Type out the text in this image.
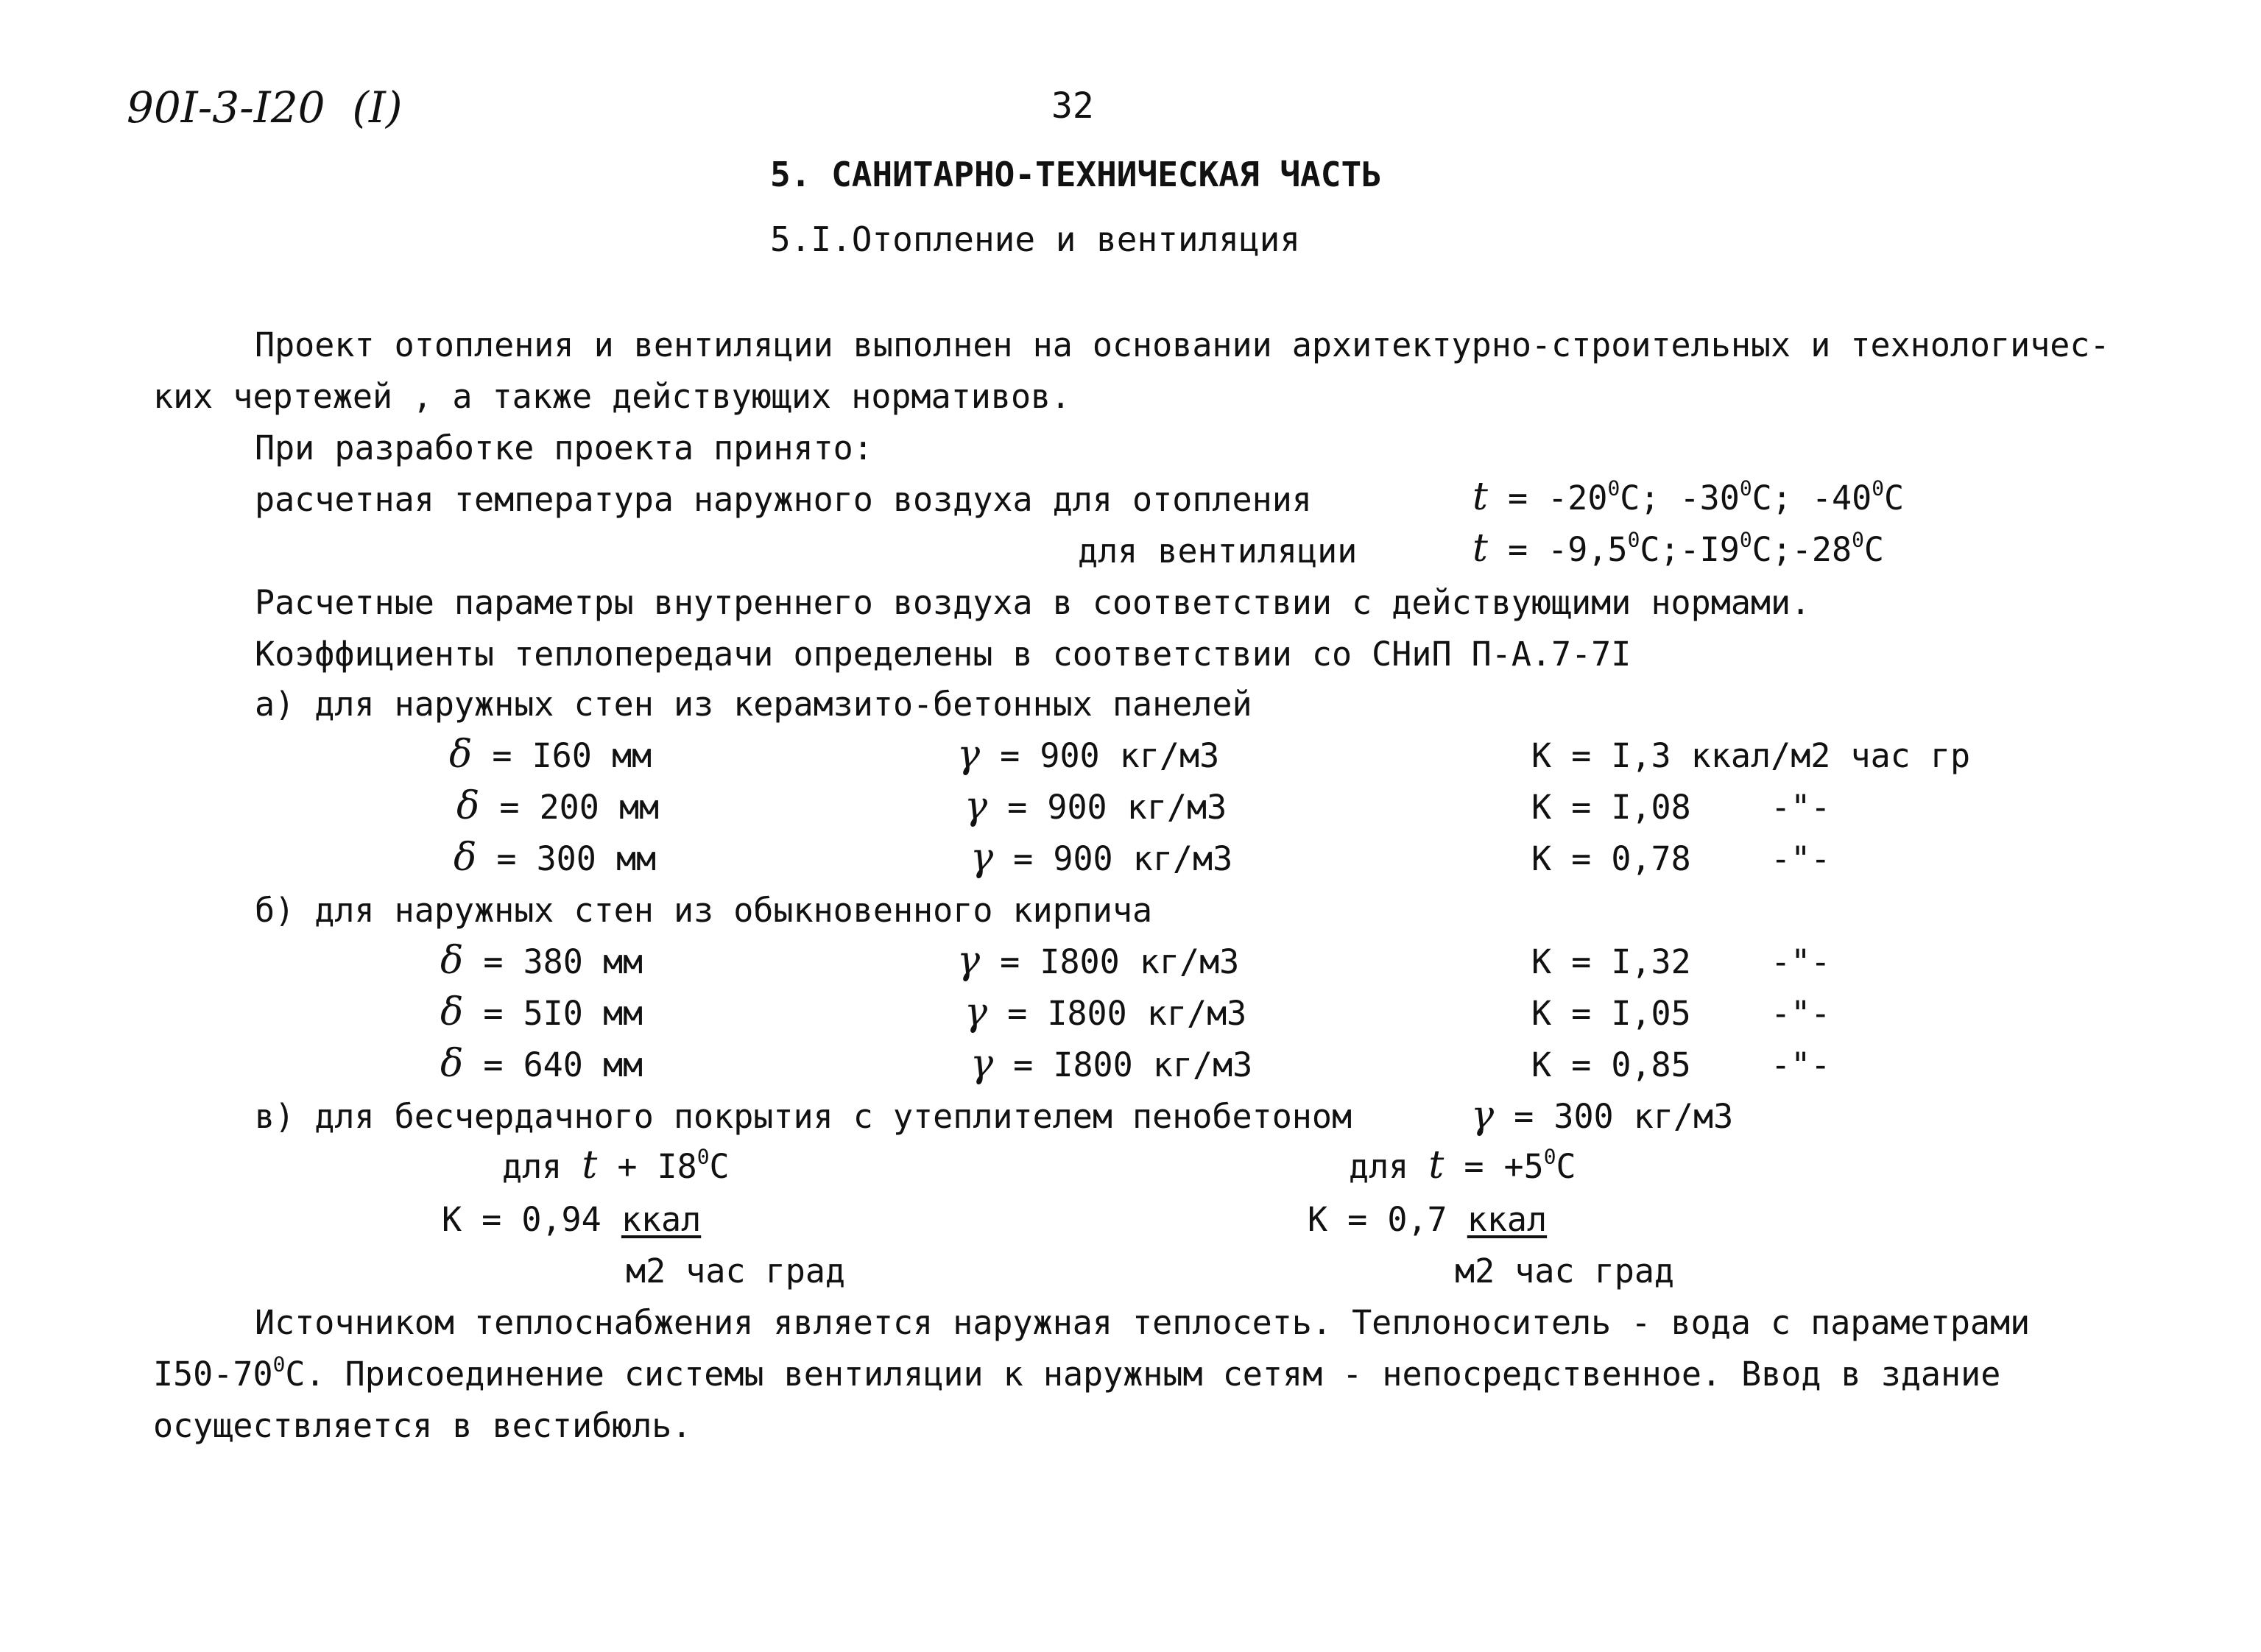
90I-3-I20  (I)	32
5. САНИТАРНО-ТЕХНИЧЕСКАЯ ЧАСТЬ
5.I.Отопление и вентиляция
Проект отопления и вентиляции выполнен на основании архитектурно-строительных и технологичес-
ких чертежей , а также действующих нормативов.
При разработке проекта принято:
расчетная температура наружного воздуха для отопления	$t = -20^0C$; $-30^0C$; $-40^0C$
для вентиляции	$t = -9,5^0C;-I9^0C;-28^0C$
Расчетные параметры внутреннего воздуха в соответствии с действующими нормами.
Коэффициенты теплопередачи определены в соответствии со СНиП П-А.7-7I
а) для наружных стен из керамзито-бетонных панелей
δ = I60 мм	γ = 900 кг/м3	K = I,3 ккал/м2 час гр
δ = 200 мм	γ = 900 кг/м3	K = I,08    -"-
δ = 300 мм	γ = 900 кг/м3	K = 0,78    -"-
б) для наружных стен из обыкновенного кирпича
δ = 380 мм	γ = I800 кг/м3	K = I,32    -"-
δ = 5I0 мм	γ = I800 кг/м3	K = I,05    -"-
δ = 640 мм	γ = I800 кг/м3	K = 0,85    -"-
в) для бесчердачного покрытия с утеплителем пенобетоном	γ = 300 кг/м3
для $t + I8^0C$	для $t = +5^0C$
K = 0,94 ккал	K = 0,7 ккал
м2 час град	м2 час град
Источником теплоснабжения является наружная теплосеть. Теплоноситель - вода с параметрами
$I50-70^0С$. Присоединение системы вентиляции к наружным сетям - непосредственное. Ввод в здание
осуществляется в вестибюль.
